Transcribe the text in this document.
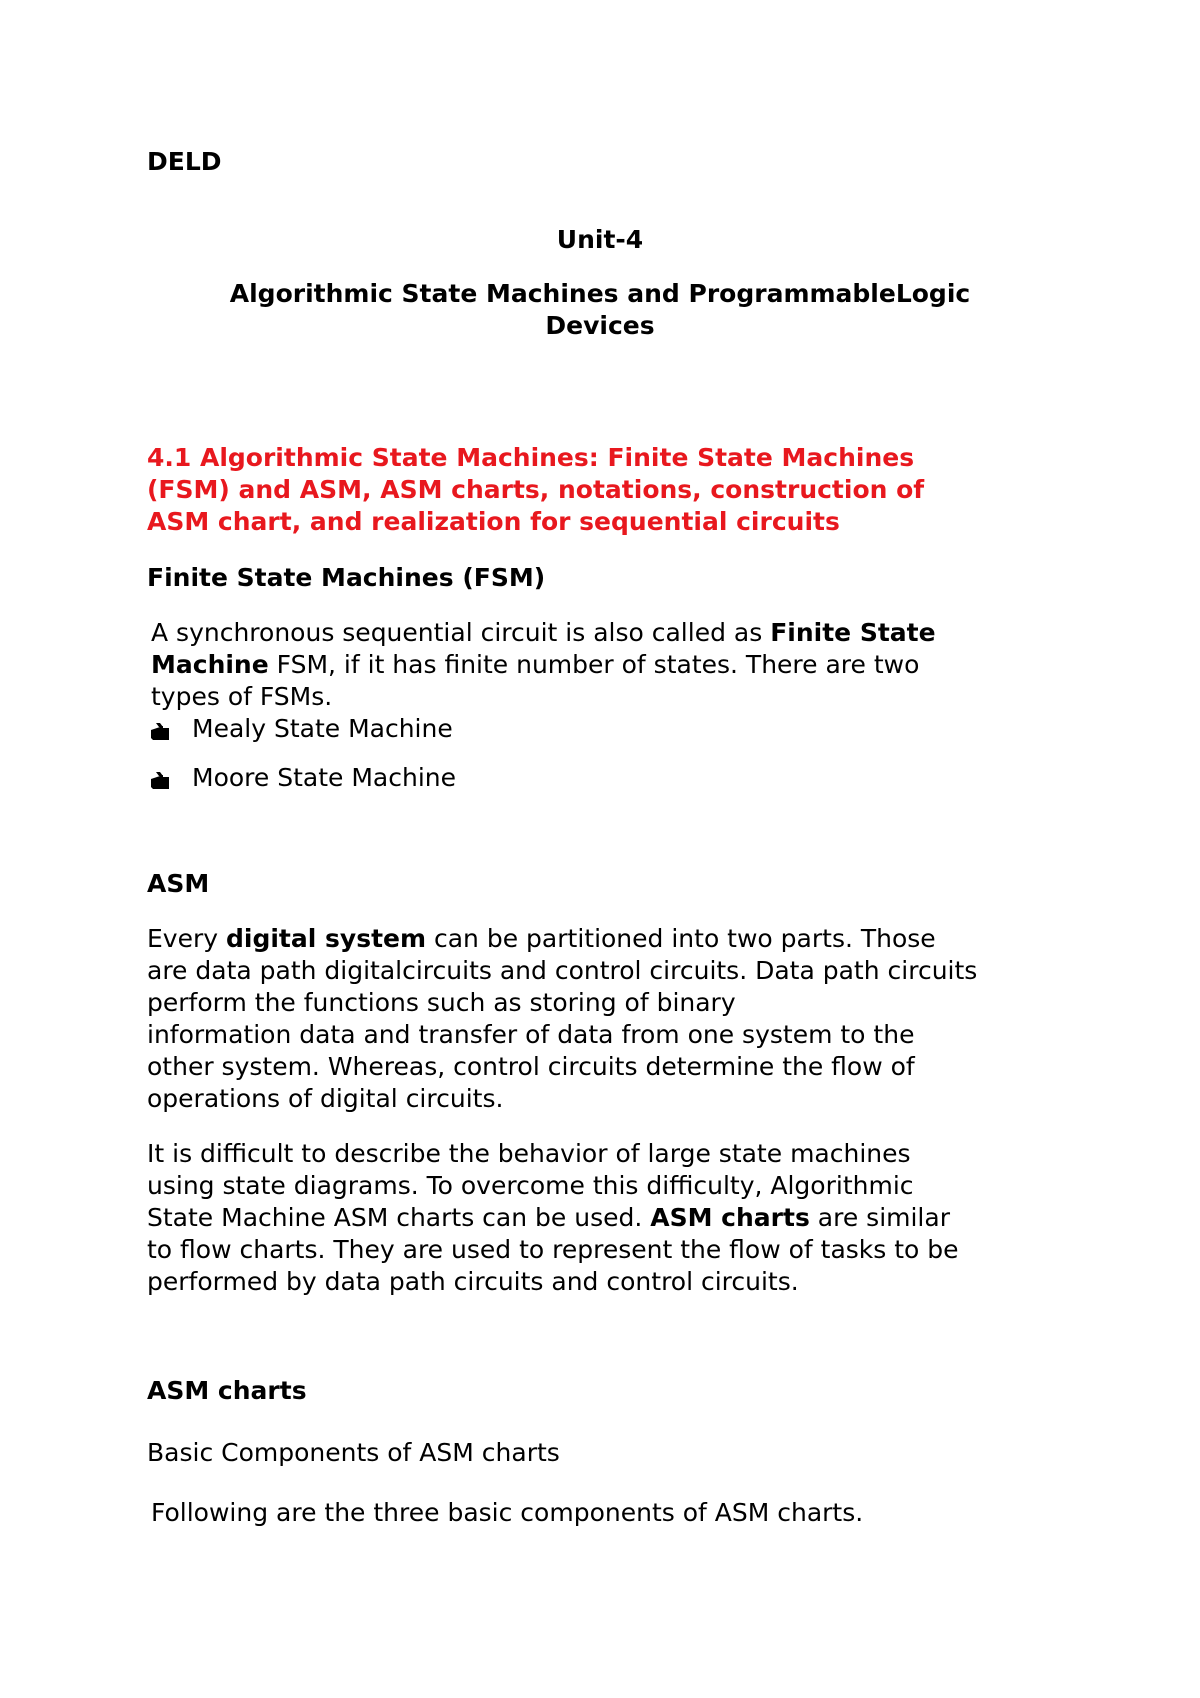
DELD

Unit-4

Algorithmic State Machines and ProgrammableLogic

Devices

4.1 Algorithmic State Machines: Finite State Machines

(FSM) and ASM, ASM charts, notations, construction of

ASM chart, and realization for sequential circuits

Finite State Machines (FSM)

A synchronous sequential circuit is also called as Finite State

Machine FSM, if it has finite number of states. There are two

types of FSMs.

Mealy State Machine
Moore State Machine

ASM

Every digital system can be partitioned into two parts. Those

are data path digitalcircuits and control circuits. Data path circuits

perform the functions such as storing of binary

information data and transfer of data from one system to the

other system. Whereas, control circuits determine the flow of

operations of digital circuits.

It is difficult to describe the behavior of large state machines

using state diagrams. To overcome this difficulty, Algorithmic

State Machine ASM charts can be used. ASM charts are similar

to flow charts. They are used to represent the flow of tasks to be

performed by data path circuits and control circuits.

ASM charts

Basic Components of ASM charts

Following are the three basic components of ASM charts.
